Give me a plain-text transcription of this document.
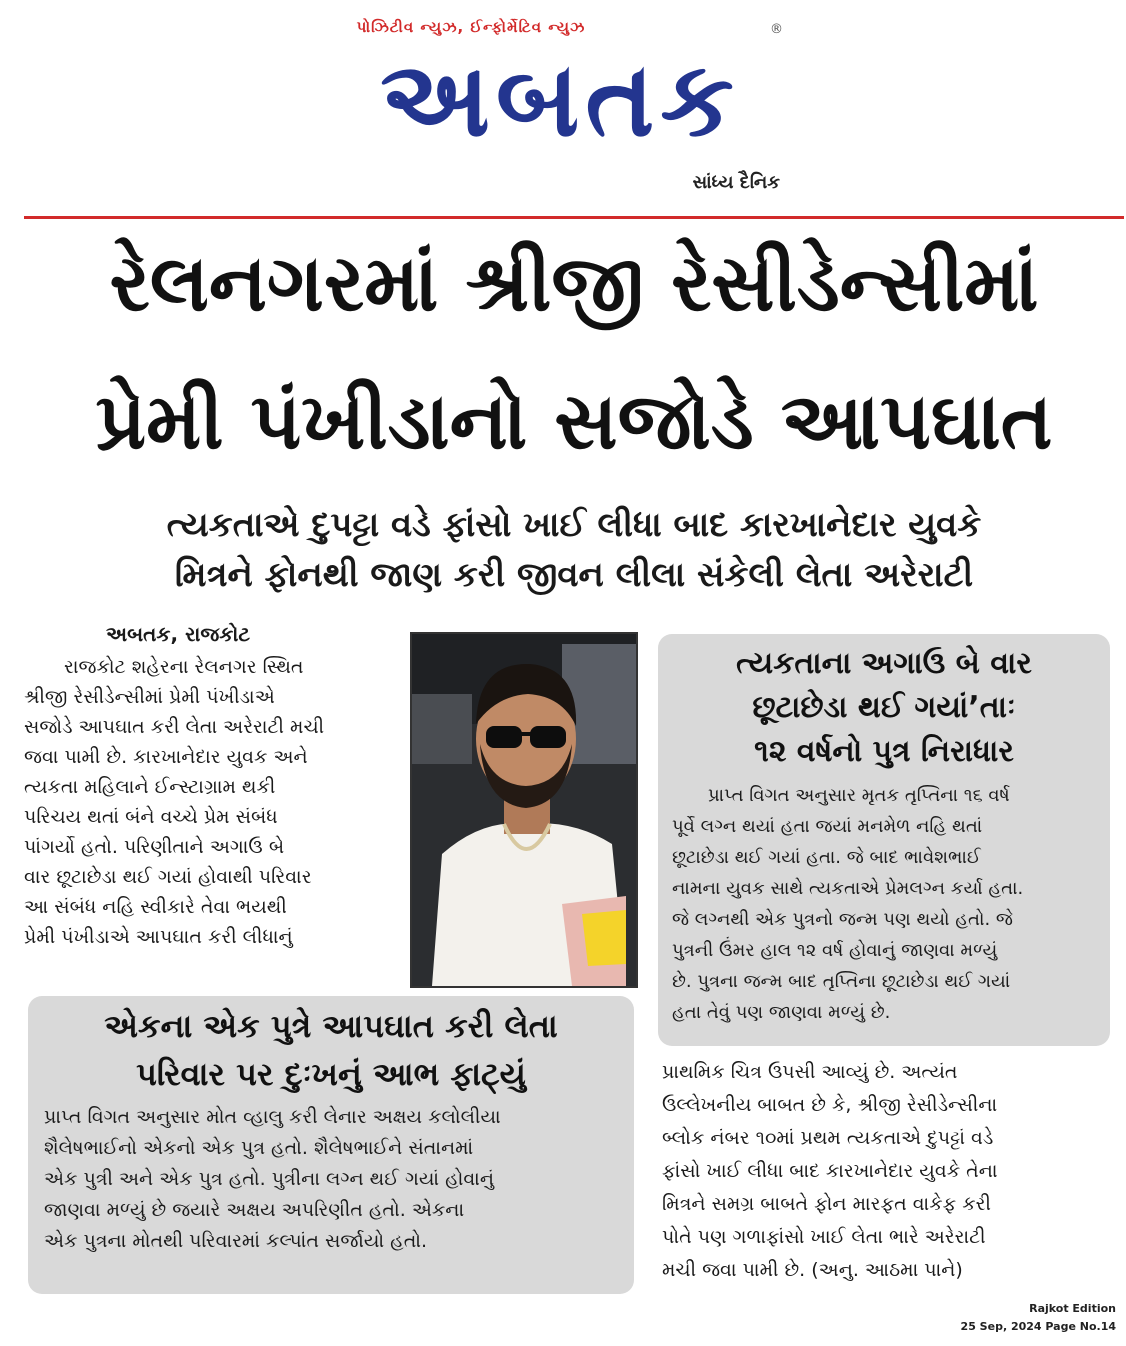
પોઝિટીવ ન્યુઝ, ઈન્ફોર્મેટિવ ન્યુઝ	®
અબતક
સાંધ્ય દૈનિક
રેલનગરમાં શ્રીજી રેસીડેન્સીમાં
પ્રેમી પંખીડાનો સજોડે આપઘાત
ત્યકતાએ દુપટ્ટા વડે ફાંસો ખાઈ લીધા બાદ કારખાનેદાર યુવકે
મિત્રને ફોનથી જાણ કરી જીવન લીલા સંકેલી લેતા અરેરાટી
અબતક, રાજકોટ
રાજકોટ શહેરના રેલનગર સ્થિત
શ્રીજી રેસીડેન્સીમાં પ્રેમી પંખીડાએ
સજોડે આપઘાત કરી લેતા અરેરાટી મચી
જવા પામી છે. કારખાનેદાર યુવક અને
ત્યકતા મહિલાને ઈન્સ્ટાગ્રામ થકી
પરિચય થતાં બંને વચ્ચે પ્રેમ સંબંધ
પાંગર્યો હતો. પરિણીતાને અગાઉ બે
વાર છૂટાછેડા થઈ ગયાં હોવાથી પરિવાર
આ સંબંધ નહિ સ્વીકારે તેવા ભયથી
પ્રેમી પંખીડાએ આપઘાત કરી લીધાનું
ત્યકતાના અગાઉ બે વાર
છૂટાછેડા થઈ ગયાં’તાઃ
૧૨ વર્ષનો પુત્ર નિરાધાર
પ્રાપ્ત વિગત અનુસાર મૃતક તૃપ્તિના ૧૬ વર્ષ
પૂર્વે લગ્ન થયાં હતા જયાં મનમેળ નહિ થતાં
છૂટાછેડા થઈ ગયાં હતા. જે બાદ ભાવેશભાઈ
નામના યુવક સાથે ત્યકતાએ પ્રેમલગ્ન કર્યા હતા.
જે લગ્નથી એક પુત્રનો જન્મ પણ થયો હતો. જે
પુત્રની ઉંમર હાલ ૧૨ વર્ષ હોવાનું જાણવા મળ્યું
છે. પુત્રના જન્મ બાદ તૃપ્તિના છૂટાછેડા થઈ ગયાં
હતા તેવું પણ જાણવા મળ્યું છે.
એકના એક પુત્રે આપઘાત કરી લેતા
પરિવાર પર દુઃખનું આભ ફાટ્યું
પ્રાપ્ત વિગત અનુસાર મોત વ્હાલુ કરી લેનાર અક્ષય કલોલીયા
શૈલેષભાઈનો એકનો એક પુત્ર હતો. શૈલેષભાઈને સંતાનમાં
એક પુત્રી અને એક પુત્ર હતો. પુત્રીના લગ્ન થઈ ગયાં હોવાનું
જાણવા મળ્યું છે જયારે અક્ષય અપરિણીત હતો. એકના
એક પુત્રના મોતથી પરિવારમાં કલ્પાંત સર્જાયો હતો.
પ્રાથમિક ચિત્ર ઉપસી આવ્યું છે. અત્યંત
ઉલ્લેખનીય બાબત છે કે, શ્રીજી રેસીડેન્સીના
બ્લોક નંબર ૧૦માં પ્રથમ ત્યકતાએ દુપટ્ટાં વડે
ફાંસો ખાઈ લીધા બાદ કારખાનેદાર યુવકે તેના
મિત્રને સમગ્ર બાબતે ફોન મારફત વાકેફ કરી
પોતે પણ ગળાફાંસો ખાઈ લેતા ભારે અરેરાટી
મચી જવા પામી છે. (અનુ. આઠમા પાને)
Rajkot Edition
25 Sep, 2024 Page No.14
